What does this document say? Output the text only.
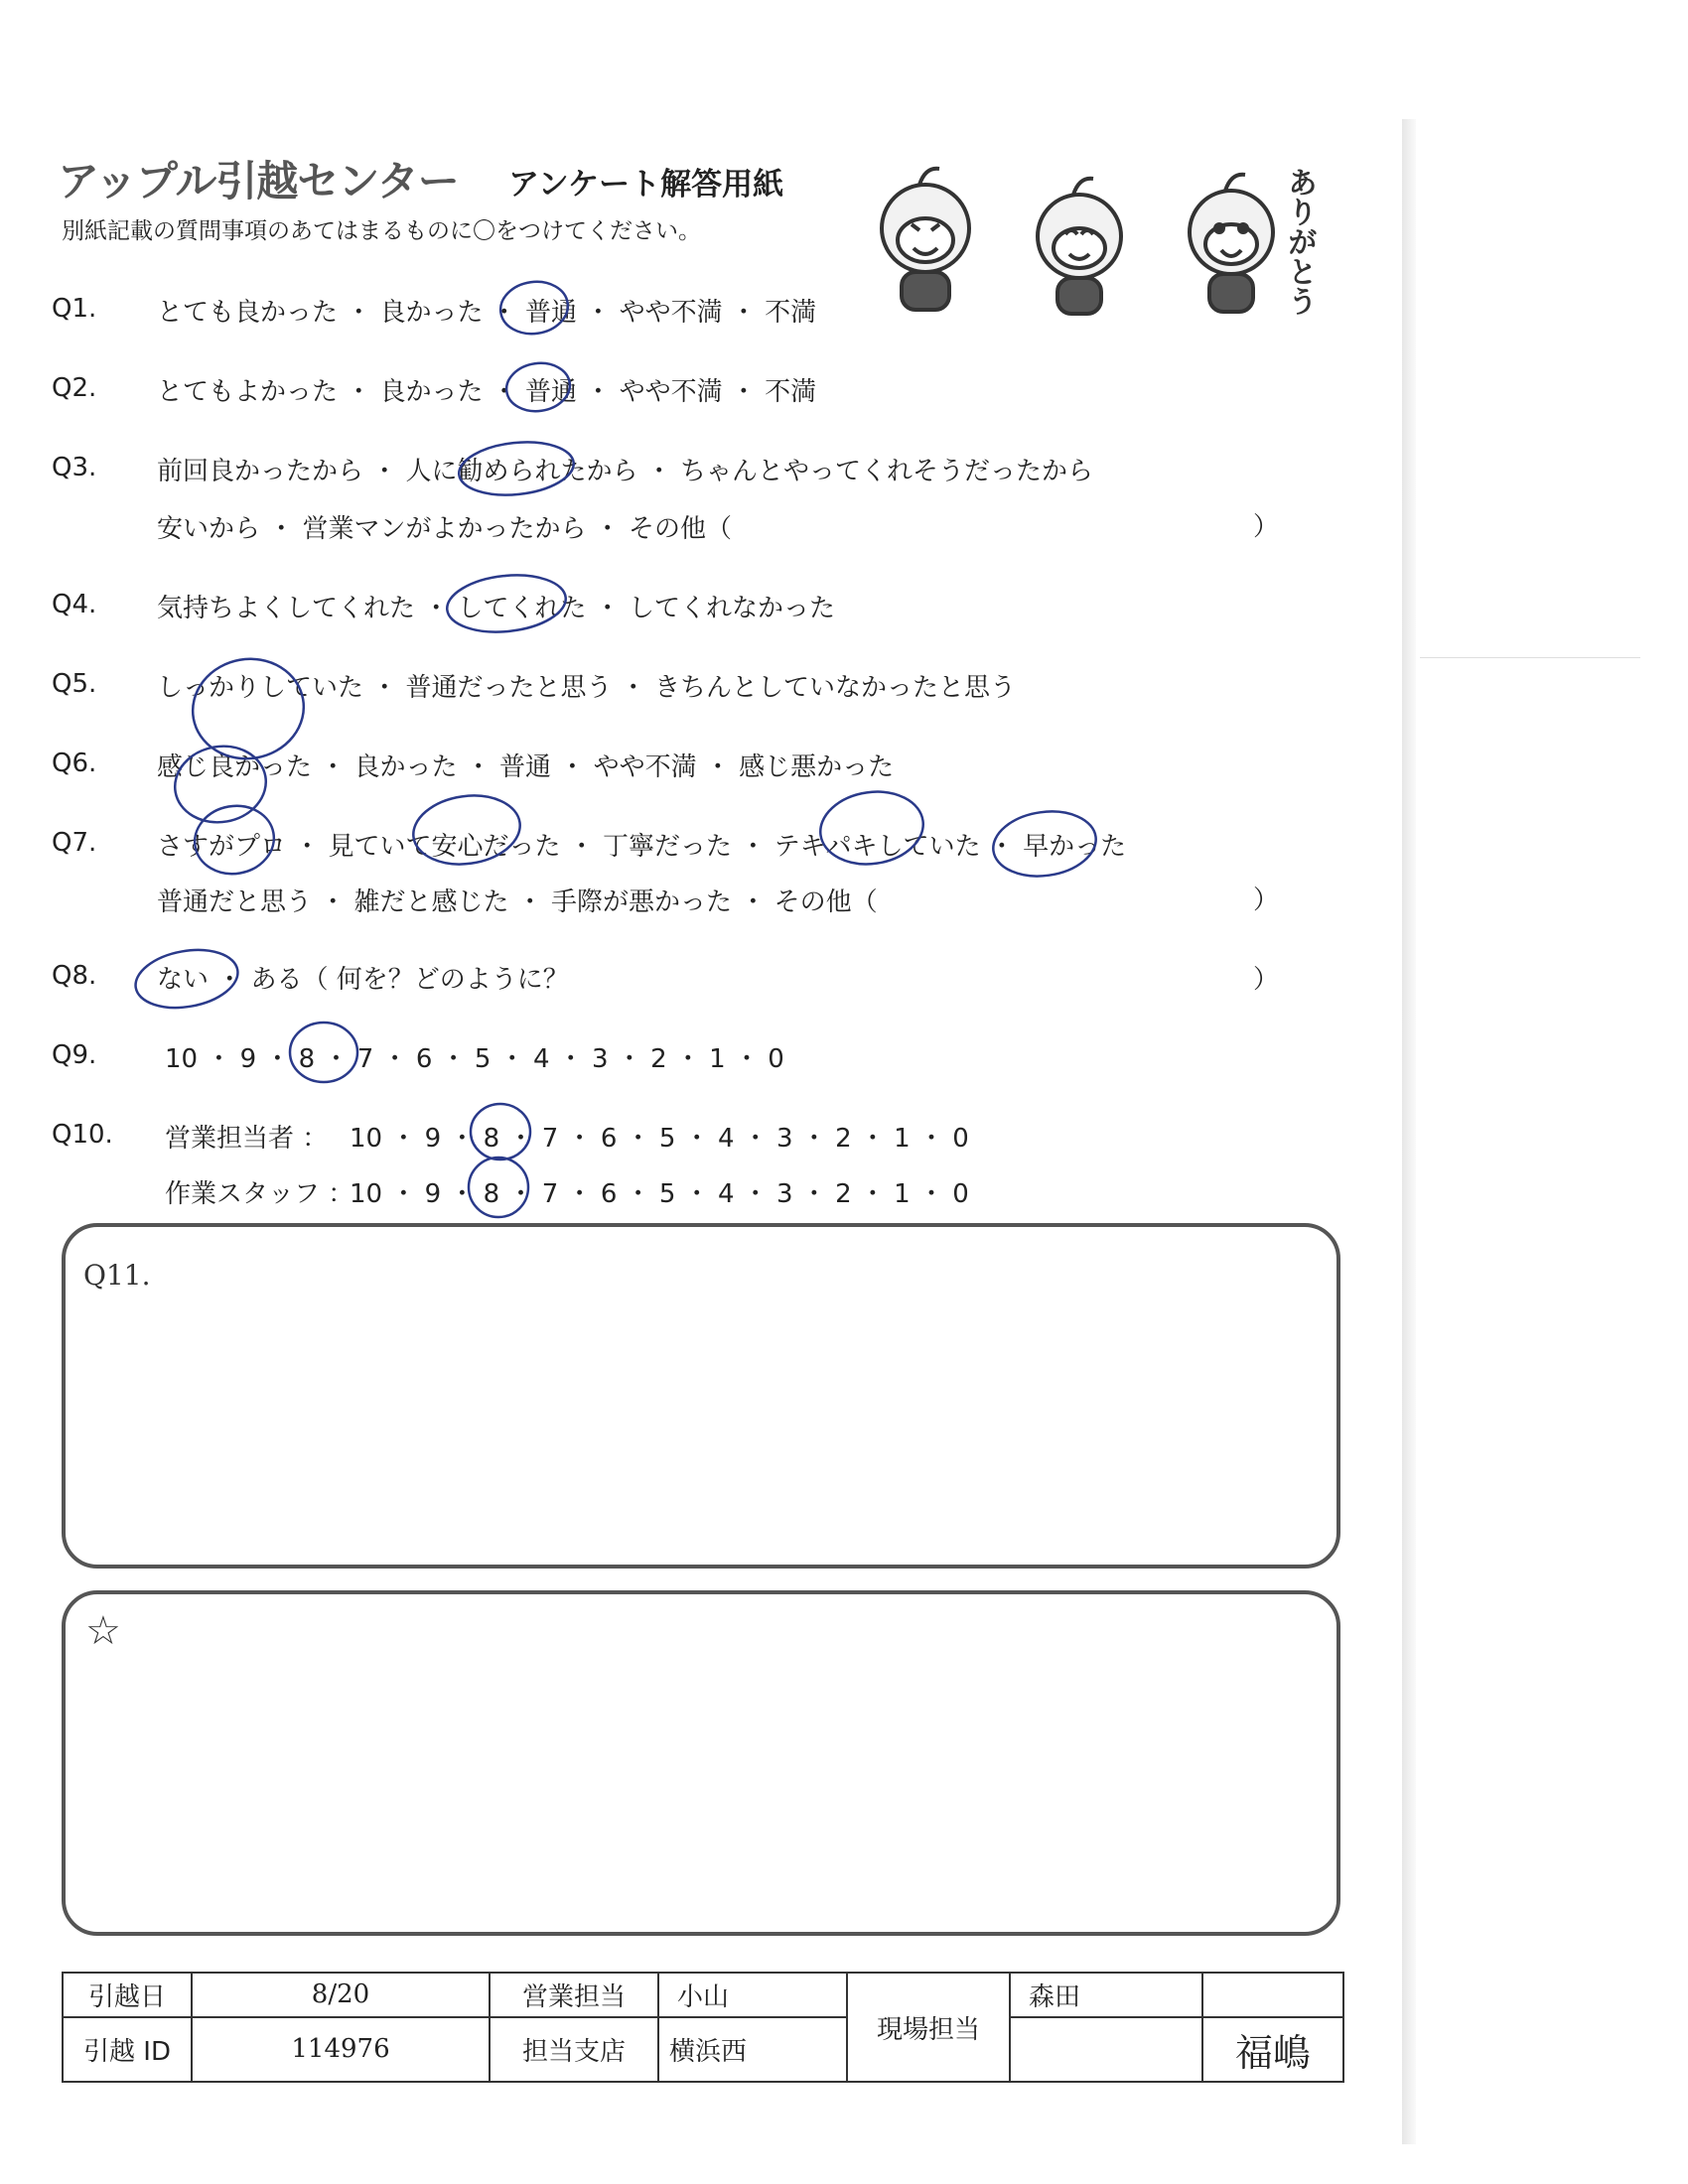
アップル引越センター アンケート解答用紙
別紙記載の質問事項のあてはまるものに〇をつけてください。	ありがとう
Q1. とても良かった ・ 良かった ・ 普通 ・ やや不満 ・ 不満
Q2. とてもよかった ・ 良かった ・ 普通 ・ やや不満 ・ 不満
Q3. 前回良かったから ・ 人に勧められたから ・ ちゃんとやってくれそうだったから
安いから ・ 営業マンがよかったから ・ その他（	）
Q4. 気持ちよくしてくれた ・ してくれた ・ してくれなかった
Q5. しっかりしていた ・ 普通だったと思う ・ きちんとしていなかったと思う
Q6. 感じ良かった ・ 良かった ・ 普通 ・ やや不満 ・ 感じ悪かった
Q7. さすがプロ ・ 見ていて安心だった ・ 丁寧だった ・ テキパキしていた ・ 早かった
普通だと思う ・ 雑だと感じた ・ 手際が悪かった ・ その他（	）
Q8. ない ・ ある（ 何を？どのように？	）
Q9.	10 ・ 9 ・ 8 ・ 7 ・ 6 ・ 5 ・ 4 ・ 3 ・ 2 ・ 1 ・ 0
Q10. 営業担当者 ： 10 ・ 9 ・ 8 ・ 7 ・ 6 ・ 5 ・ 4 ・ 3 ・ 2 ・ 1 ・ 0
作業スタッフ ：
10 ・ 9 ・ 8 ・ 7 ・ 6 ・ 5 ・ 4 ・ 3 ・ 2 ・ 1 ・ 0
Q11.
☆
引越日	8/20	営業担当	小山	現場担当	森田	
引越 ID	114976	担当支店	横浜西			福嶋
